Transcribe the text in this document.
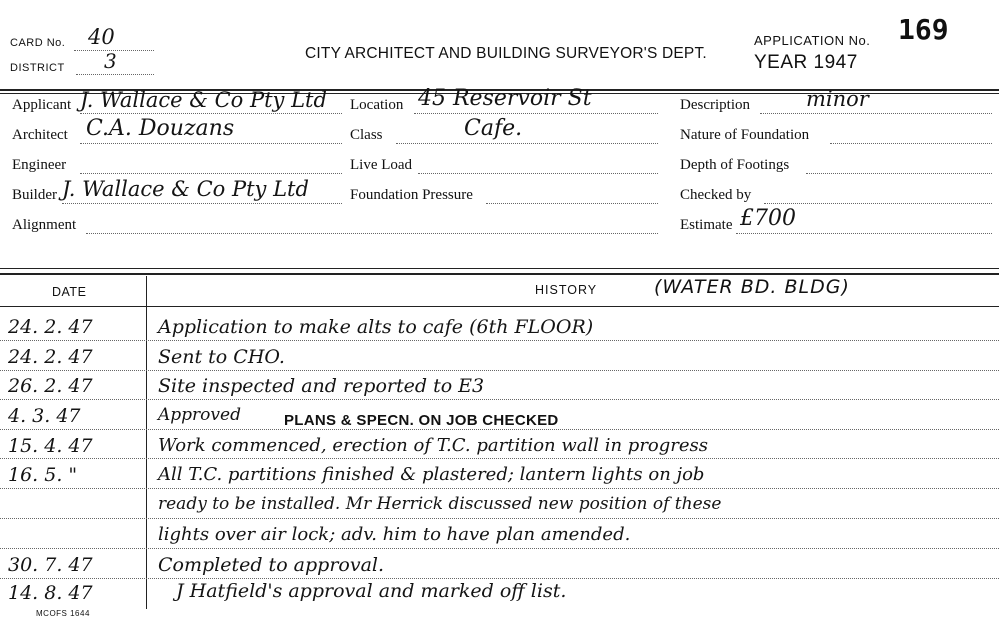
CARD No. 40
DISTRICT 3	CITY ARCHITECT AND BUILDING SURVEYOR'S DEPT.
APPLICATION No. 169
YEAR 1947
Applicant J. Wallace & Co Pty Ltd
Architect C.A. Douzans
Engineer
Builder J. Wallace & Co Pty Ltd
Alignment
Location 45 Reservoir St
Class	Cafe.
Live Load
Foundation Pressure
Description	minor
Nature of Foundation
Depth of Footings
Checked by
Estimate £700
DATE	HISTORY	(WATER BD. BLDG)
24. 2. 47	Application to make alts to cafe (6th FLOOR)
24. 2. 47	Sent to CHO.
26. 2. 47	Site inspected and reported to E3
4. 3. 47	Approved	PLANS & SPECN. ON JOB CHECKED
15. 4. 47	Work commenced, erection of T.C. partition wall in progress
16. 5. "	All T.C. partitions finished & plastered; lantern lights on job
ready to be installed. Mr Herrick discussed new position of these
lights over air lock; adv. him to have plan amended.
30. 7. 47	Completed to approval.
14. 8. 47	J Hatfield's approval and marked off list.
MCOFS 1644
